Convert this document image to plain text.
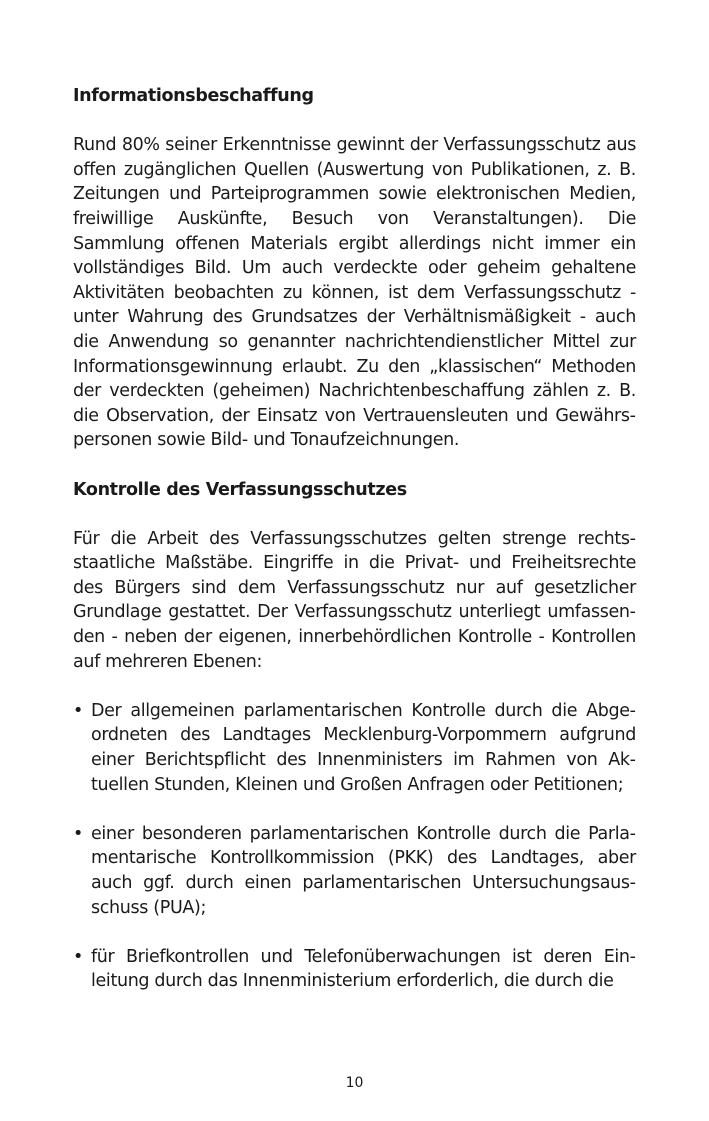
Informationsbeschaffung

Rund 80% seiner Erkenntnisse gewinnt der Verfassungsschutz aus offen zugänglichen Quellen (Auswertung von Publikationen, z. B. Zeitungen und Parteiprogrammen sowie elektronischen Medien, freiwillige Auskünfte, Besuch von Veranstaltungen). Die Sammlung offenen Materials ergibt allerdings nicht immer ein vollständiges Bild. Um auch verdeckte oder geheim gehaltene Aktivitäten beobachten zu können, ist dem Verfassungsschutz - unter Wahrung des Grundsatzes der Verhältnismäßigkeit - auch die Anwendung so genannter nachrichtendienstlicher Mittel zur Informationsgewinnung erlaubt. Zu den „klassischen“ Methoden der verdeckten (geheimen) Nachrichtenbeschaffung zählen z. B. die Observation, der Einsatz von Vertrauensleuten und Gewährspersonen sowie Bild- und Tonaufzeichnungen.

Kontrolle des Verfassungsschutzes

Für die Arbeit des Verfassungsschutzes gelten strenge rechtsstaatliche Maßstäbe. Eingriffe in die Privat- und Freiheitsrechte des Bürgers sind dem Verfassungsschutz nur auf gesetzlicher Grundlage gestattet. Der Verfassungsschutz unterliegt umfassenden - neben der eigenen, innerbehördlichen Kontrolle - Kontrollen auf mehreren Ebenen:

• Der allgemeinen parlamentarischen Kontrolle durch die Abgeordneten des Landtages Mecklenburg-Vorpommern aufgrund einer Berichtspflicht des Innenministers im Rahmen von Aktuellen Stunden, Kleinen und Großen Anfragen oder Petitionen;
• einer besonderen parlamentarischen Kontrolle durch die Parlamentarische Kontrollkommission (PKK) des Landtages, aber auch ggf. durch einen parlamentarischen Untersuchungsausschuss (PUA);
• für Briefkontrollen und Telefonüberwachungen ist deren Einleitung durch das Innenministerium erforderlich, die durch die
10
